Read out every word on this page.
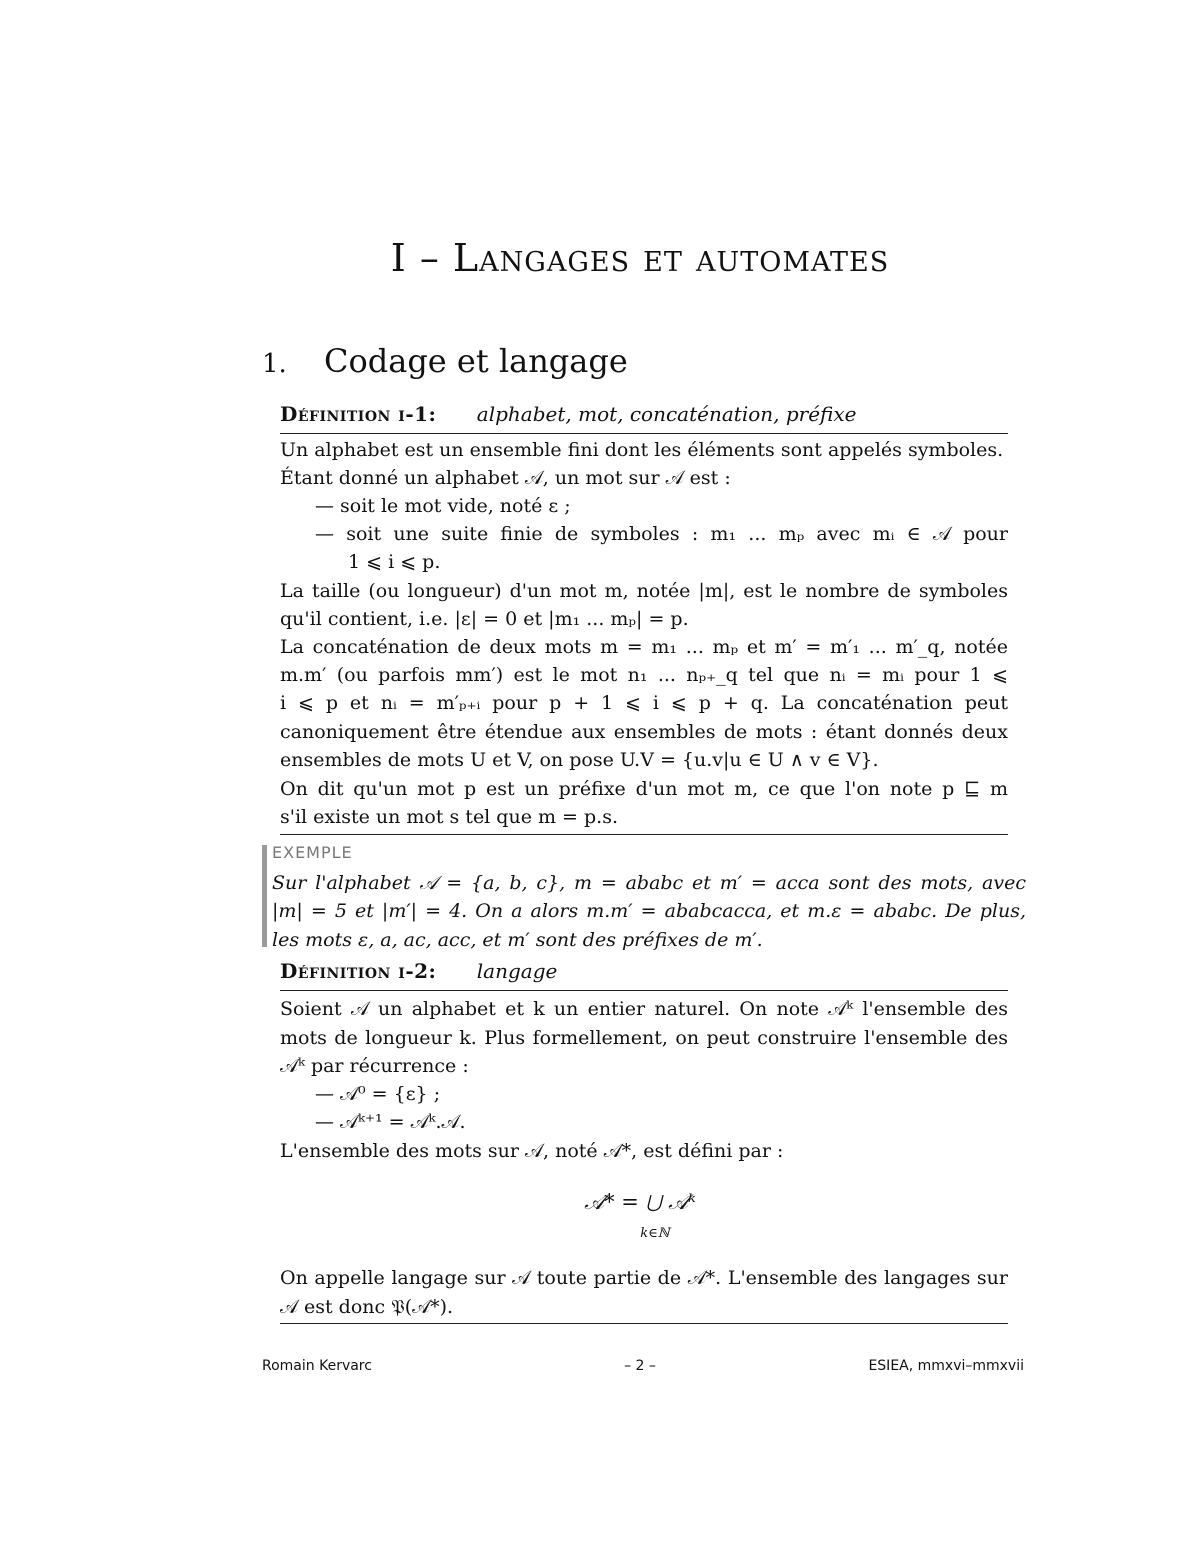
I – Langages et automates
1. Codage et langage
Définition i-1: alphabet, mot, concaténation, préfixe
Un alphabet est un ensemble fini dont les éléments sont appelés symboles.
Étant donné un alphabet 𝒜, un mot sur 𝒜 est :
— soit le mot vide, noté ε ;
— soit une suite finie de symboles : m₁ ... mₚ avec mᵢ ∈ 𝒜 pour
1 ⩽ i ⩽ p.
La taille (ou longueur) d'un mot m, notée |m|, est le nombre de symboles
qu'il contient, i.e. |ε| = 0 et |m₁ ... mₚ| = p.
La concaténation de deux mots m = m₁ ... mₚ et m′ = m′₁ ... m′_q, notée
m.m′ (ou parfois mm′) est le mot n₁ ... nₚ₊_q tel que nᵢ = mᵢ pour 1 ⩽
i ⩽ p et nᵢ = m′ₚ₊ᵢ pour p + 1 ⩽ i ⩽ p + q. La concaténation peut
canoniquement être étendue aux ensembles de mots : étant donnés deux
ensembles de mots U et V, on pose U.V = {u.v|u ∈ U ∧ v ∈ V}.
On dit qu'un mot p est un préfixe d'un mot m, ce que l'on note p ⊑ m
s'il existe un mot s tel que m = p.s.
EXEMPLE
Sur l'alphabet 𝒜 = {a, b, c}, m = ababc et m′ = acca sont des mots, avec
|m| = 5 et |m′| = 4. On a alors m.m′ = ababcacca, et m.ε = ababc. De plus,
les mots ε, a, ac, acc, et m′ sont des préfixes de m′.
Définition i-2: langage
Soient 𝒜 un alphabet et k un entier naturel. On note 𝒜ᵏ l'ensemble des
mots de longueur k. Plus formellement, on peut construire l'ensemble des
𝒜ᵏ par récurrence :
— 𝒜⁰ = {ε} ;
— 𝒜ᵏ⁺¹ = 𝒜ᵏ.𝒜.
L'ensemble des mots sur 𝒜, noté 𝒜*, est défini par :
𝒜* = ⋃ 𝒜ᵏ
k∈ℕ
On appelle langage sur 𝒜 toute partie de 𝒜*. L'ensemble des langages sur
𝒜 est donc 𝔓(𝒜*).
Romain Kervarc	– 2 –	ESIEA, mmxvi–mmxvii
